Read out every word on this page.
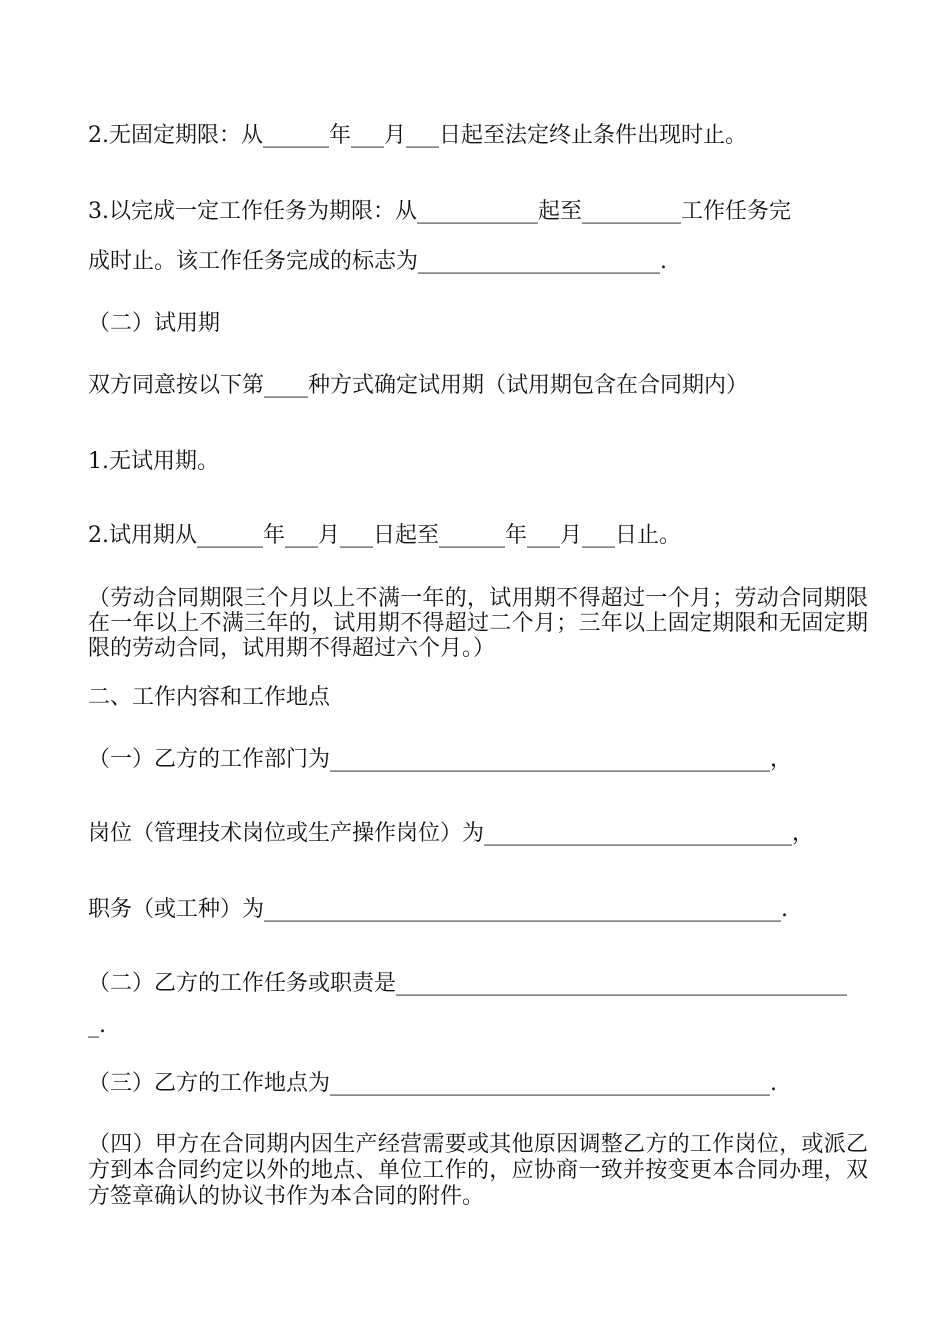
2.无固定期限：从______年___月___日起至法定终止条件出现时止。

3.以完成一定工作任务为期限：从___________起至_________工作任务完

成时止。该工作任务完成的标志为______________________.

（二）试用期

双方同意按以下第____种方式确定试用期（试用期包含在合同期内）

1.无试用期。

2.试用期从______年___月___日起至______年___月___日止。

（劳动合同期限三个月以上不满一年的，试用期不得超过一个月；劳动合同期限在一年以上不满三年的，试用期不得超过二个月；三年以上固定期限和无固定期限的劳动合同，试用期不得超过六个月。）

二、工作内容和工作地点

（一）乙方的工作部门为________________________________________，

岗位（管理技术岗位或生产操作岗位）为____________________________，

职务（或工种）为_______________________________________________.

（二）乙方的工作任务或职责是_________________________________________

_.

（三）乙方的工作地点为________________________________________.

（四）甲方在合同期内因生产经营需要或其他原因调整乙方的工作岗位，或派乙方到本合同约定以外的地点、单位工作的，应协商一致并按变更本合同办理，双方签章确认的协议书作为本合同的附件。
